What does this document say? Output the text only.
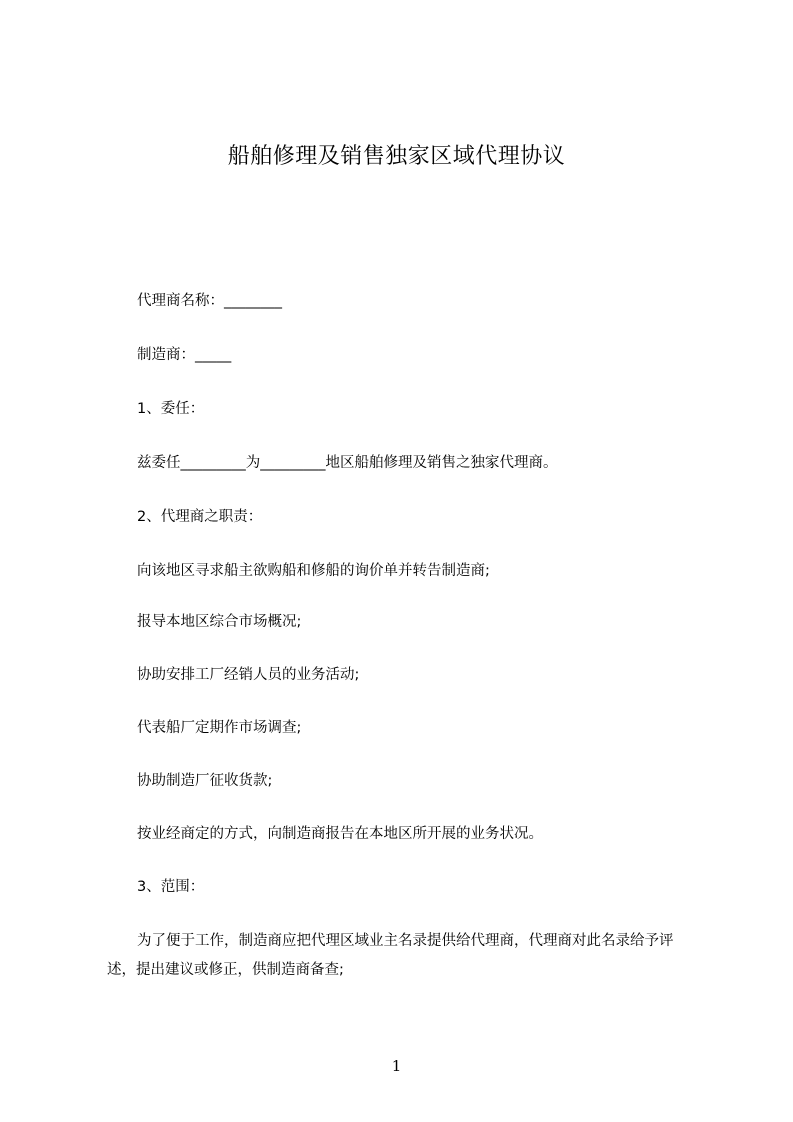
船舶修理及销售独家区域代理协议
代理商名称：________
制造商：_____
1、委任：
兹委任_________为_________地区船舶修理及销售之独家代理商。
2、代理商之职责：
向该地区寻求船主欲购船和修船的询价单并转告制造商;
报导本地区综合市场概况;
协助安排工厂经销人员的业务活动;
代表船厂定期作市场调查;
协助制造厂征收货款;
按业经商定的方式，向制造商报告在本地区所开展的业务状况。
3、范围：
为了便于工作，制造商应把代理区域业主名录提供给代理商，代理商对此名录给予评述，提出建议或修正，供制造商备查;
1
